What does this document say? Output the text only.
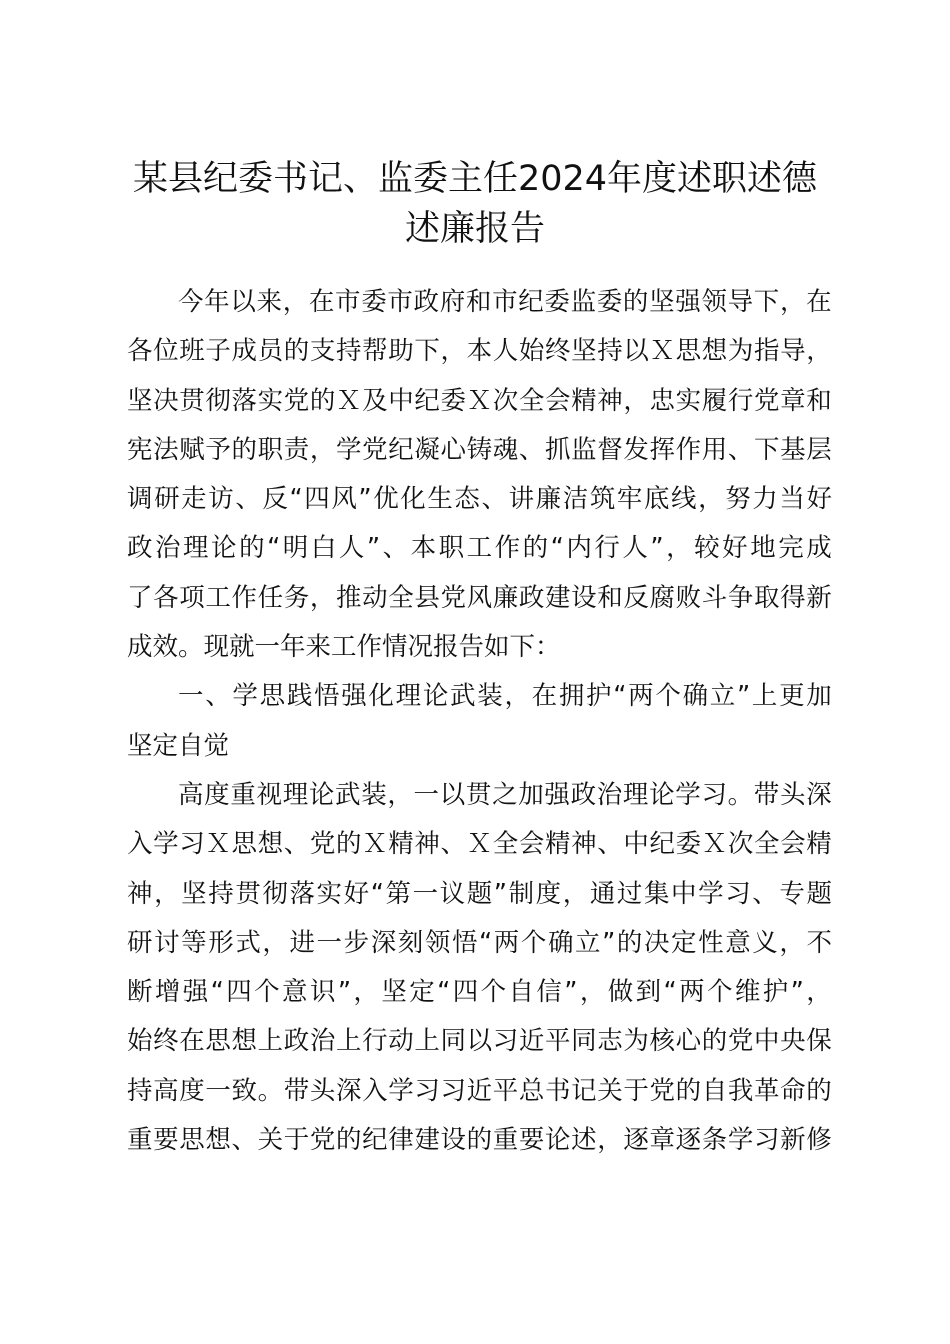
某县纪委书记、监委主任2024年度述职述德
述廉报告
今 年 以 来 ， 在 市 委 市 政 府 和 市 纪 委 监 委 的 坚 强 领 导 下 ， 在
各 位 班 子 成 员 的 支 持 帮 助 下 ， 本 人 始 终 坚 持 以 Ｘ 思 想 为 指 导 ，
坚 决 贯 彻 落 实 党 的 Ｘ 及 中 纪 委 Ｘ 次 全 会 精 神 ， 忠 实 履 行 党 章 和
宪 法 赋 予 的 职 责 ， 学 党 纪 凝 心 铸 魂 、 抓 监 督 发 挥 作 用 、 下 基 层
调 研 走 访 、 反 “ 四 风 ” 优 化 生 态 、 讲 廉 洁 筑 牢 底 线 ， 努 力 当 好
政 治 理 论 的 “ 明 白 人 ” 、 本 职 工 作 的 “ 内 行 人 ” ， 较 好 地 完 成
了 各 项 工 作 任 务 ， 推 动 全 县 党 风 廉 政 建 设 和 反 腐 败 斗 争 取 得 新
成效。现就一年来工作情况报告如下：
一 、 学 思 践 悟 强 化 理 论 武 装 ， 在 拥 护 “ 两 个 确 立 ” 上 更 加
坚定自觉
高 度 重 视 理 论 武 装 ， 一 以 贯 之 加 强 政 治 理 论 学 习 。 带 头 深
入 学 习 Ｘ 思 想 、 党 的 Ｘ 精 神 、 Ｘ 全 会 精 神 、 中 纪 委 Ｘ 次 全 会 精
神 ， 坚 持 贯 彻 落 实 好 “ 第 一 议 题 ” 制 度 ， 通 过 集 中 学 习 、 专 题
研 讨 等 形 式 ， 进 一 步 深 刻 领 悟 “ 两 个 确 立 ” 的 决 定 性 意 义 ， 不
断 增 强 “ 四 个 意 识 ” ， 坚 定 “ 四 个 自 信 ” ， 做 到 “ 两 个 维 护 ” ，
始 终 在 思 想 上 政 治 上 行 动 上 同 以 习 近 平 同 志 为 核 心 的 党 中 央 保
持 高 度 一 致 。 带 头 深 入 学 习 习 近 平 总 书 记 关 于 党 的 自 我 革 命 的
重 要 思 想 、 关 于 党 的 纪 律 建 设 的 重 要 论 述 ， 逐 章 逐 条 学 习 新 修
